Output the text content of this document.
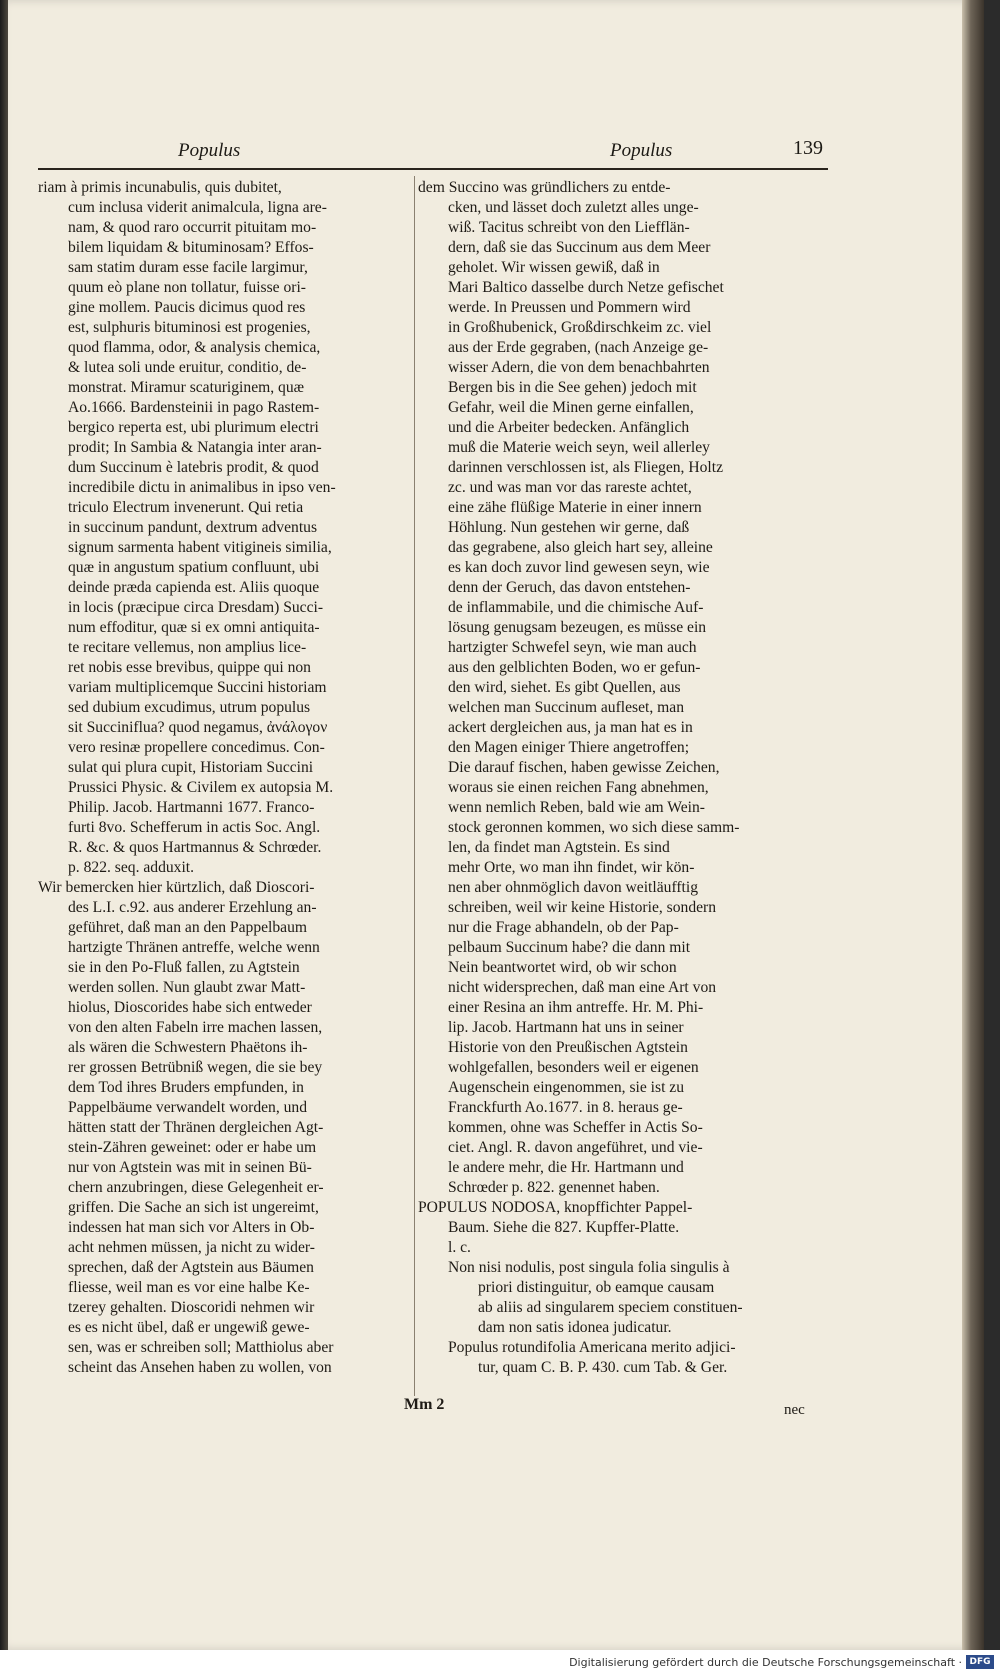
Populus	Populus	139
riam à primis incunabulis, quis dubitet,
cum inclusa viderit animalcula, ligna are-
nam, & quod raro occurrit pituitam mo-
bilem liquidam & bituminosam? Effos-
sam statim duram esse facile largimur,
quum eò plane non tollatur, fuisse ori-
gine mollem. Paucis dicimus quod res
est, sulphuris bituminosi est progenies,
quod flamma, odor, & analysis chemica,
& lutea soli unde eruitur, conditio, de-
monstrat. Miramur scaturiginem, quæ
Ao.1666. Bardensteinii in pago Rastem-
bergico reperta est, ubi plurimum electri
prodit; In Sambia & Natangia inter aran-
dum Succinum è latebris prodit, & quod
incredibile dictu in animalibus in ipso ven-
triculo Electrum invenerunt. Qui retia
in succinum pandunt, dextrum adventus
signum sarmenta habent vitigineis similia,
quæ in angustum spatium confluunt, ubi
deinde præda capienda est. Aliis quoque
in locis (præcipue circa Dresdam) Succi-
num effoditur, quæ si ex omni antiquita-
te recitare vellemus, non amplius lice-
ret nobis esse brevibus, quippe qui non
variam multiplicemque Succini historiam
sed dubium excudimus, utrum populus
sit Succiniflua? quod negamus, ἀνάλογον
vero resinæ propellere concedimus. Con-
sulat qui plura cupit, Historiam Succini
Prussici Physic. & Civilem ex autopsia M.
Philip. Jacob. Hartmanni 1677. Franco-
furti 8vo. Schefferum in actis Soc. Angl.
R. &c. & quos Hartmannus & Schrœder.
p. 822. seq. adduxit.
Wir bemercken hier kürtzlich, daß Dioscori-
des L.I. c.92. aus anderer Erzehlung an-
geführet, daß man an den Pappelbaum
hartzigte Thränen antreffe, welche wenn
sie in den Po-Fluß fallen, zu Agtstein
werden sollen. Nun glaubt zwar Matt-
hiolus, Dioscorides habe sich entweder
von den alten Fabeln irre machen lassen,
als wären die Schwestern Phaëtons ih-
rer grossen Betrübniß wegen, die sie bey
dem Tod ihres Bruders empfunden, in
Pappelbäume verwandelt worden, und
hätten statt der Thränen dergleichen Agt-
stein-Zähren geweinet: oder er habe um
nur von Agtstein was mit in seinen Bü-
chern anzubringen, diese Gelegenheit er-
griffen. Die Sache an sich ist ungereimt,
indessen hat man sich vor Alters in Ob-
acht nehmen müssen, ja nicht zu wider-
sprechen, daß der Agtstein aus Bäumen
fliesse, weil man es vor eine halbe Ke-
tzerey gehalten. Dioscoridi nehmen wir
es es nicht übel, daß er ungewiß gewe-
sen, was er schreiben soll; Matthiolus aber
scheint das Ansehen haben zu wollen, von
dem Succino was gründlichers zu entde-
cken, und lässet doch zuletzt alles unge-
wiß. Tacitus schreibt von den Liefflän-
dern, daß sie das Succinum aus dem Meer
geholet. Wir wissen gewiß, daß in
Mari Baltico dasselbe durch Netze gefischet
werde. In Preussen und Pommern wird
in Großhubenick, Großdirschkeim zc. viel
aus der Erde gegraben, (nach Anzeige ge-
wisser Adern, die von dem benachbahrten
Bergen bis in die See gehen) jedoch mit
Gefahr, weil die Minen gerne einfallen,
und die Arbeiter bedecken. Anfänglich
muß die Materie weich seyn, weil allerley
darinnen verschlossen ist, als Fliegen, Holtz
zc. und was man vor das rareste achtet,
eine zähe flüßige Materie in einer innern
Höhlung. Nun gestehen wir gerne, daß
das gegrabene, also gleich hart sey, alleine
es kan doch zuvor lind gewesen seyn, wie
denn der Geruch, das davon entstehen-
de inflammabile, und die chimische Auf-
lösung genugsam bezeugen, es müsse ein
hartzigter Schwefel seyn, wie man auch
aus den gelblichten Boden, wo er gefun-
den wird, siehet. Es gibt Quellen, aus
welchen man Succinum aufleset, man
ackert dergleichen aus, ja man hat es in
den Magen einiger Thiere angetroffen;
Die darauf fischen, haben gewisse Zeichen,
woraus sie einen reichen Fang abnehmen,
wenn nemlich Reben, bald wie am Wein-
stock geronnen kommen, wo sich diese samm-
len, da findet man Agtstein. Es sind
mehr Orte, wo man ihn findet, wir kön-
nen aber ohnmöglich davon weitläufftig
schreiben, weil wir keine Historie, sondern
nur die Frage abhandeln, ob der Pap-
pelbaum Succinum habe? die dann mit
Nein beantwortet wird, ob wir schon
nicht widersprechen, daß man eine Art von
einer Resina an ihm antreffe. Hr. M. Phi-
lip. Jacob. Hartmann hat uns in seiner
Historie von den Preußischen Agtstein
wohlgefallen, besonders weil er eigenen
Augenschein eingenommen, sie ist zu
Franckfurth Ao.1677. in 8. heraus ge-
kommen, ohne was Scheffer in Actis So-
ciet. Angl. R. davon angeführet, und vie-
le andere mehr, die Hr. Hartmann und
Schrœder p. 822. genennet haben.
POPULUS NODOSA, knopffichter Pappel-
Baum. Siehe die 827. Kupffer-Platte.
l. c.
Non nisi nodulis, post singula folia singulis à
priori distinguitur, ob eamque causam
ab aliis ad singularem speciem constituen-
dam non satis idonea judicatur.
Populus rotundifolia Americana merito adjici-
tur, quam C. B. P. 430. cum Tab. & Ger.
Mm 2	nec
Digitalisierung gefördert durch die Deutsche Forschungsgemeinschaft · DFG
